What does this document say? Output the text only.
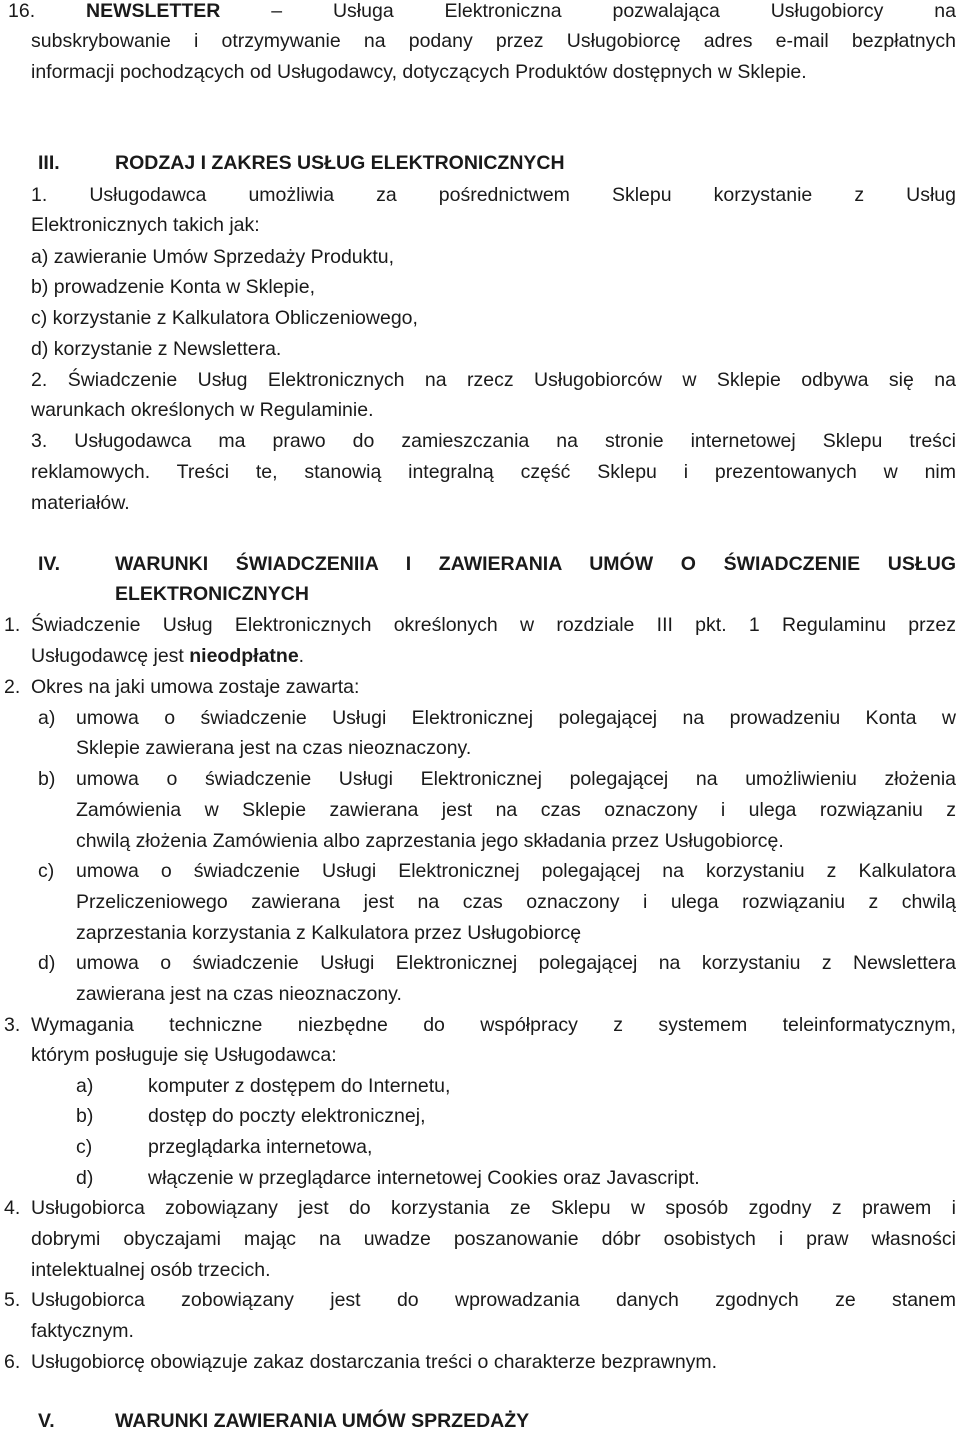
16. NEWSLETTER – Usługa Elektroniczna pozwalająca Usługobiorcy na
subskrybowanie i otrzymywanie na podany przez Usługobiorcę adres e-mail bezpłatnych
informacji pochodzących od Usługodawcy, dotyczących Produktów dostępnych w Sklepie.
III.	RODZAJ I ZAKRES USŁUG ELEKTRONICZNYCH
1. Usługodawca umożliwia za pośrednictwem Sklepu korzystanie z Usług
Elektronicznych takich jak:
a) zawieranie Umów Sprzedaży Produktu,
b) prowadzenie Konta w Sklepie,
c) korzystanie z Kalkulatora Obliczeniowego,
d) korzystanie z Newslettera.
2. Świadczenie Usług Elektronicznych na rzecz Usługobiorców w Sklepie odbywa się na
warunkach określonych w Regulaminie.
3. Usługodawca ma prawo do zamieszczania na stronie internetowej Sklepu treści
reklamowych. Treści te, stanowią integralną część Sklepu i prezentowanych w nim
materiałów.
IV.	WARUNKI ŚWIADCZENIIA I ZAWIERANIA UMÓW O ŚWIADCZENIE USŁUG
ELEKTRONICZNYCH
1. Świadczenie Usług Elektronicznych określonych w rozdziale III pkt. 1 Regulaminu przez
Usługodawcę jest nieodpłatne.
2. Okres na jaki umowa zostaje zawarta:
a) umowa o świadczenie Usługi Elektronicznej polegającej na prowadzeniu Konta w
Sklepie zawierana jest na czas nieoznaczony.
b) umowa o świadczenie Usługi Elektronicznej polegającej na umożliwieniu złożenia
Zamówienia w Sklepie zawierana jest na czas oznaczony i ulega rozwiązaniu z
chwilą złożenia Zamówienia albo zaprzestania jego składania przez Usługobiorcę.
c) umowa o świadczenie Usługi Elektronicznej polegającej na korzystaniu z Kalkulatora
Przeliczeniowego zawierana jest na czas oznaczony i ulega rozwiązaniu z chwilą
zaprzestania korzystania z Kalkulatora przez Usługobiorcę
d) umowa o świadczenie Usługi Elektronicznej polegającej na korzystaniu z Newslettera
zawierana jest na czas nieoznaczony.
3. Wymagania techniczne niezbędne do współpracy z systemem teleinformatycznym,
którym posługuje się Usługodawca:
a)	komputer z dostępem do Internetu,
b)	dostęp do poczty elektronicznej,
c)	przeglądarka internetowa,
d)	włączenie w przeglądarce internetowej Cookies oraz Javascript.
4. Usługobiorca zobowiązany jest do korzystania ze Sklepu w sposób zgodny z prawem i
dobrymi obyczajami mając na uwadze poszanowanie dóbr osobistych i praw własności
intelektualnej osób trzecich.
5. Usługobiorca zobowiązany jest do wprowadzania danych zgodnych ze stanem
faktycznym.
6. Usługobiorcę obowiązuje zakaz dostarczania treści o charakterze bezprawnym.
V.	WARUNKI ZAWIERANIA UMÓW SPRZEDAŻY
